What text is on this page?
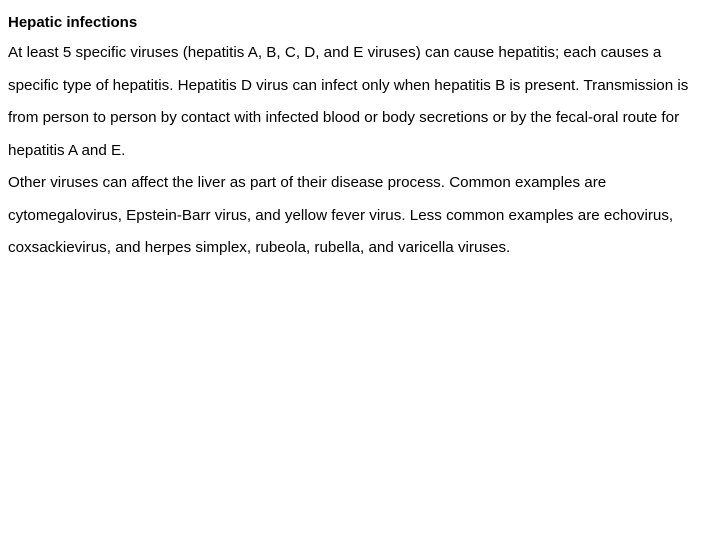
Hepatic infections

At least 5 specific viruses (hepatitis A, B, C, D, and E viruses) can cause hepatitis; each causes a specific type of hepatitis. Hepatitis D virus can infect only when hepatitis B is present. Transmission is from person to person by contact with infected blood or body secretions or by the fecal-oral route for hepatitis A and E.

Other viruses can affect the liver as part of their disease process. Common examples are cytomegalovirus, Epstein-Barr virus, and yellow fever virus. Less common examples are echovirus, coxsackievirus, and herpes simplex, rubeola, rubella, and varicella viruses.
